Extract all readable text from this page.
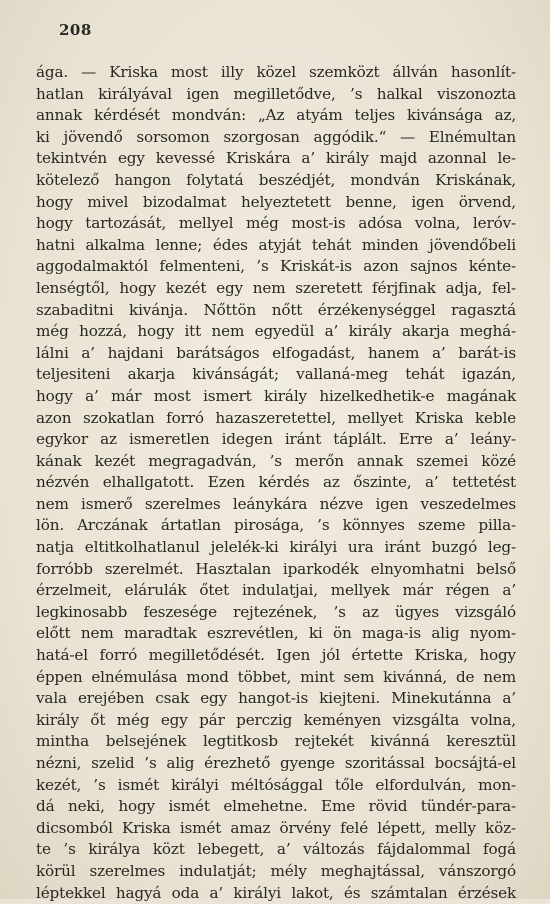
208
ága. — Kriska most illy közel szemközt állván hasonlít-
hatlan királyával igen megilletődve, ’s halkal viszonozta
annak kérdését mondván: „Az atyám teljes kivánsága az,
ki jövendő sorsomon szorgosan aggódik.“ — Elnémultan
tekintvén egy kevessé Kriskára a’ király majd azonnal le-
kötelező hangon folytatá beszédjét, mondván Kriskának,
hogy mivel bizodalmat helyeztetett benne, igen örvend,
hogy tartozását, mellyel még most-is adósa volna, leróv-
hatni alkalma lenne; édes atyját tehát minden jövendőbeli
aggodalmaktól felmenteni, ’s Kriskát-is azon sajnos kénte-
lenségtől, hogy kezét egy nem szeretett férjfinak adja, fel-
szabaditni kivánja. Nőttön nőtt érzékenységgel ragasztá
még hozzá, hogy itt nem egyedül a’ király akarja meghá-
lálni a’ hajdani barátságos elfogadást, hanem a’ barát-is
teljesiteni akarja kivánságát; vallaná-meg tehát igazán,
hogy a’ már most ismert király hizelkedhetik-e magának
azon szokatlan forró hazaszeretettel, mellyet Kriska keble
egykor az ismeretlen idegen iránt táplált. Erre a’ leány-
kának kezét megragadván, ’s merőn annak szemei közé
nézvén elhallgatott. Ezen kérdés az őszinte, a’ tettetést
nem ismerő szerelmes leánykára nézve igen veszedelmes
lön. Arczának ártatlan pirosága, ’s könnyes szeme pilla-
natja eltitkolhatlanul jelelék-ki királyi ura iránt buzgó leg-
forróbb szerelmét. Hasztalan iparkodék elnyomhatni belső
érzelmeit, elárulák őtet indulatjai, mellyek már régen a’
legkinosabb feszesége rejtezének, ’s az ügyes vizsgáló
előtt nem maradtak eszrevétlen, ki ön maga-is alig nyom-
hatá-el forró megilletődését. Igen jól értette Kriska, hogy
éppen elnémulása mond többet, mint sem kivánná, de nem
vala erejében csak egy hangot-is kiejteni. Minekutánna a’
király őt még egy pár perczig keményen vizsgálta volna,
mintha belsejének legtitkosb rejtekét kivánná keresztül
nézni, szelid ’s alig érezhető gyenge szoritással bocsájtá-el
kezét, ’s ismét királyi méltósággal tőle elfordulván, mon-
dá neki, hogy ismét elmehetne. Eme rövid tündér-para-
dicsomból Kriska ismét amaz örvény felé lépett, melly köz-
te ’s királya közt lebegett, a’ változás fájdalommal fogá
körül szerelmes indulatját; mély meghajtással, vánszorgó
léptekkel hagyá oda a’ királyi lakot, és számtalan érzések
